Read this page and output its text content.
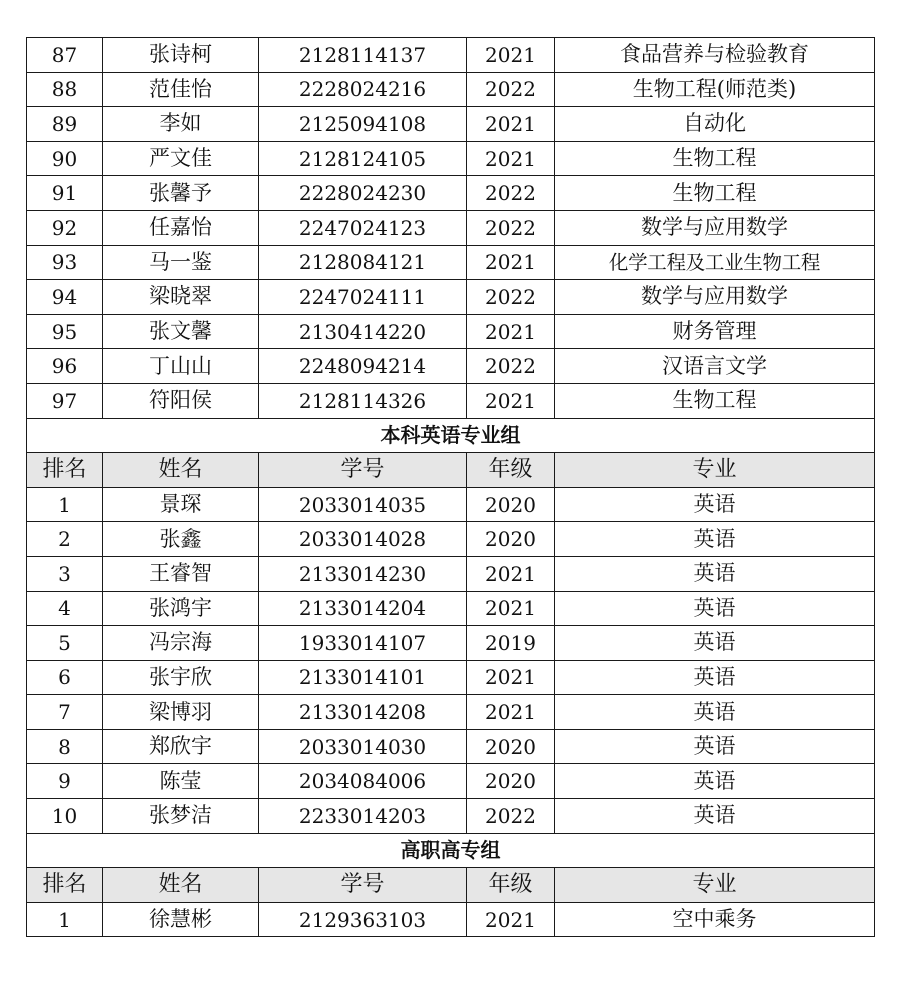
87	张诗柯	2128114137	2021	食品营养与检验教育
88	范佳怡	2228024216	2022	生物工程(师范类)
89	李如	2125094108	2021	自动化
90	严文佳	2128124105	2021	生物工程
91	张馨予	2228024230	2022	生物工程
92	任嘉怡	2247024123	2022	数学与应用数学
93	马一鉴	2128084121	2021	化学工程及工业生物工程
94	梁晓翠	2247024111	2022	数学与应用数学
95	张文馨	2130414220	2021	财务管理
96	丁山山	2248094214	2022	汉语言文学
97	符阳侯	2128114326	2021	生物工程
本科英语专业组				
排名	姓名	学号	年级	专业
1	景琛	2033014035	2020	英语
2	张鑫	2033014028	2020	英语
3	王睿智	2133014230	2021	英语
4	张鸿宇	2133014204	2021	英语
5	冯宗海	1933014107	2019	英语
6	张宇欣	2133014101	2021	英语
7	梁博羽	2133014208	2021	英语
8	郑欣宇	2033014030	2020	英语
9	陈莹	2034084006	2020	英语
10	张梦洁	2233014203	2022	英语
高职高专组				
排名	姓名	学号	年级	专业
1	徐慧彬	2129363103	2021	空中乘务
